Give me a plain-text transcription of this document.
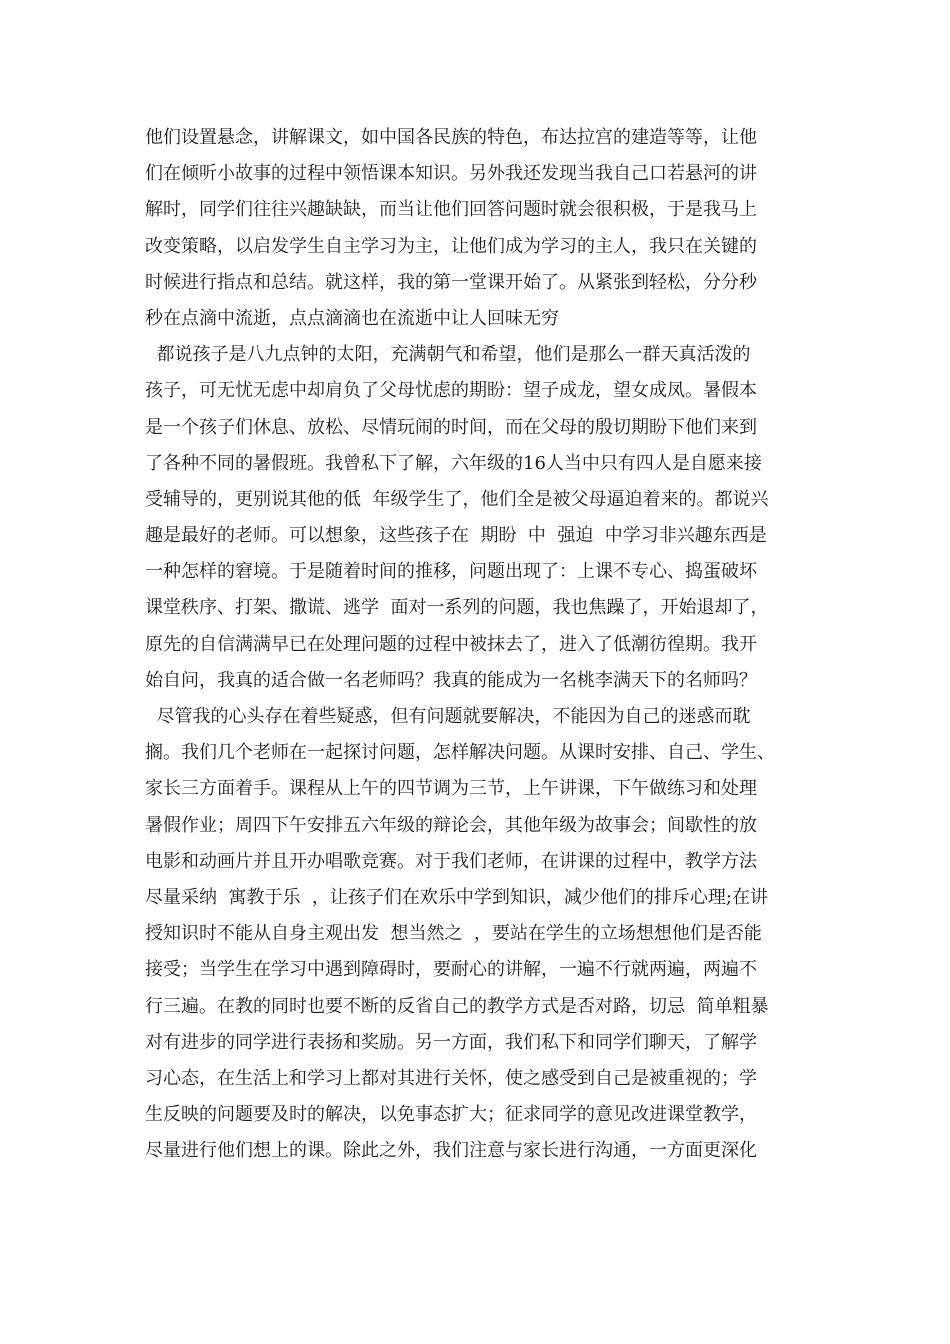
他们设置悬念，讲解课文，如中国各民族的特色，布达拉宫的建造等等，让他
们在倾听小故事的过程中领悟课本知识。另外我还发现当我自己口若悬河的讲
解时，同学们往往兴趣缺缺，而当让他们回答问题时就会很积极，于是我马上
改变策略，以启发学生自主学习为主，让他们成为学习的主人，我只在关键的
时候进行指点和总结。就这样，我的第一堂课开始了。从紧张到轻松，分分秒
秒在点滴中流逝，点点滴滴也在流逝中让人回味无穷
都说孩子是八九点钟的太阳，充满朝气和希望，他们是那么一群天真活泼的
孩子，可无忧无虑中却肩负了父母忧虑的期盼：望子成龙，望女成凤。暑假本
是一个孩子们休息、放松、尽情玩闹的时间，而在父母的殷切期盼下他们来到
了各种不同的暑假班。我曾私下了解，六年级的16人当中只有四人是自愿来接
受辅导的，更别说其他的低  年级学生了，他们全是被父母逼迫着来的。都说兴
趣是最好的老师。可以想象，这些孩子在  期盼  中  强迫  中学习非兴趣东西是
一种怎样的窘境。于是随着时间的推移，问题出现了：上课不专心、捣蛋破坏
课堂秩序、打架、撒谎、逃学  面对一系列的问题，我也焦躁了，开始退却了，
原先的自信满满早已在处理问题的过程中被抹去了，进入了低潮彷徨期。我开
始自问，我真的适合做一名老师吗？我真的能成为一名桃李满天下的名师吗？
尽管我的心头存在着些疑惑，但有问题就要解决，不能因为自己的迷惑而耽
搁。我们几个老师在一起探讨问题，怎样解决问题。从课时安排、自己、学生、
家长三方面着手。课程从上午的四节调为三节，上午讲课，下午做练习和处理
暑假作业；周四下午安排五六年级的辩论会，其他年级为故事会；间歇性的放
电影和动画片并且开办唱歌竞赛。对于我们老师，在讲课的过程中，教学方法
尽量采纳  寓教于乐  ，让孩子们在欢乐中学到知识，减少他们的排斥心理;在讲
授知识时不能从自身主观出发  想当然之  ，要站在学生的立场想想他们是否能
接受；当学生在学习中遇到障碍时，要耐心的讲解，一遍不行就两遍，两遍不
行三遍。在教的同时也要不断的反省自己的教学方式是否对路，切忌  简单粗暴
对有进步的同学进行表扬和奖励。另一方面，我们私下和同学们聊天，了解学
习心态，在生活上和学习上都对其进行关怀，使之感受到自己是被重视的；学
生反映的问题要及时的解决，以免事态扩大；征求同学的意见改进课堂教学，
尽量进行他们想上的课。除此之外，我们注意与家长进行沟通，一方面更深化
